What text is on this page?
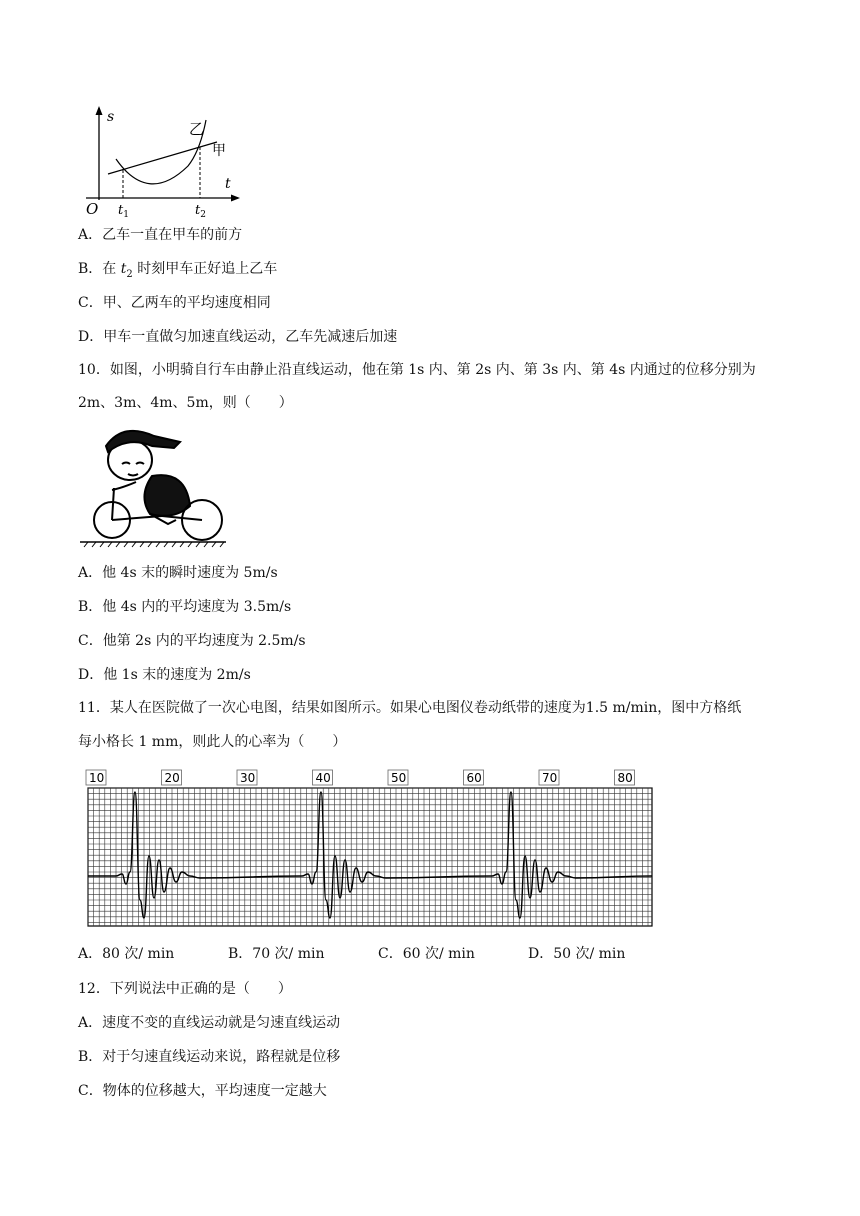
s
t
O
乙
甲
$t_1$	$t_2$
A．乙车一直在甲车的前方
B．在 $t_2$ 时刻甲车正好追上乙车
C．甲、乙两车的平均速度相同
D．甲车一直做匀加速直线运动，乙车先减速后加速
10．如图，小明骑自行车由静止沿直线运动，他在第 1s 内、第 2s 内、第 3s 内、第 4s 内通过的位移分别为
2m、3m、4m、5m，则（　　）
A．他 4s 末的瞬时速度为 5m/s
B．他 4s 内的平均速度为 3.5m/s
C．他第 2s 内的平均速度为 2.5m/s
D．他 1s 末的速度为 2m/s
11．某人在医院做了一次心电图，结果如图所示。如果心电图仪卷动纸带的速度为1.5 m/min，图中方格纸
每小格长 1 mm，则此人的心率为（　　）
10	20	30	40	50	60	70	80
A．80 次/ min	B．70 次/ min	C．60 次/ min	D．50 次/ min
12．下列说法中正确的是（　　）
A．速度不变的直线运动就是匀速直线运动
B．对于匀速直线运动来说，路程就是位移
C．物体的位移越大，平均速度一定越大
